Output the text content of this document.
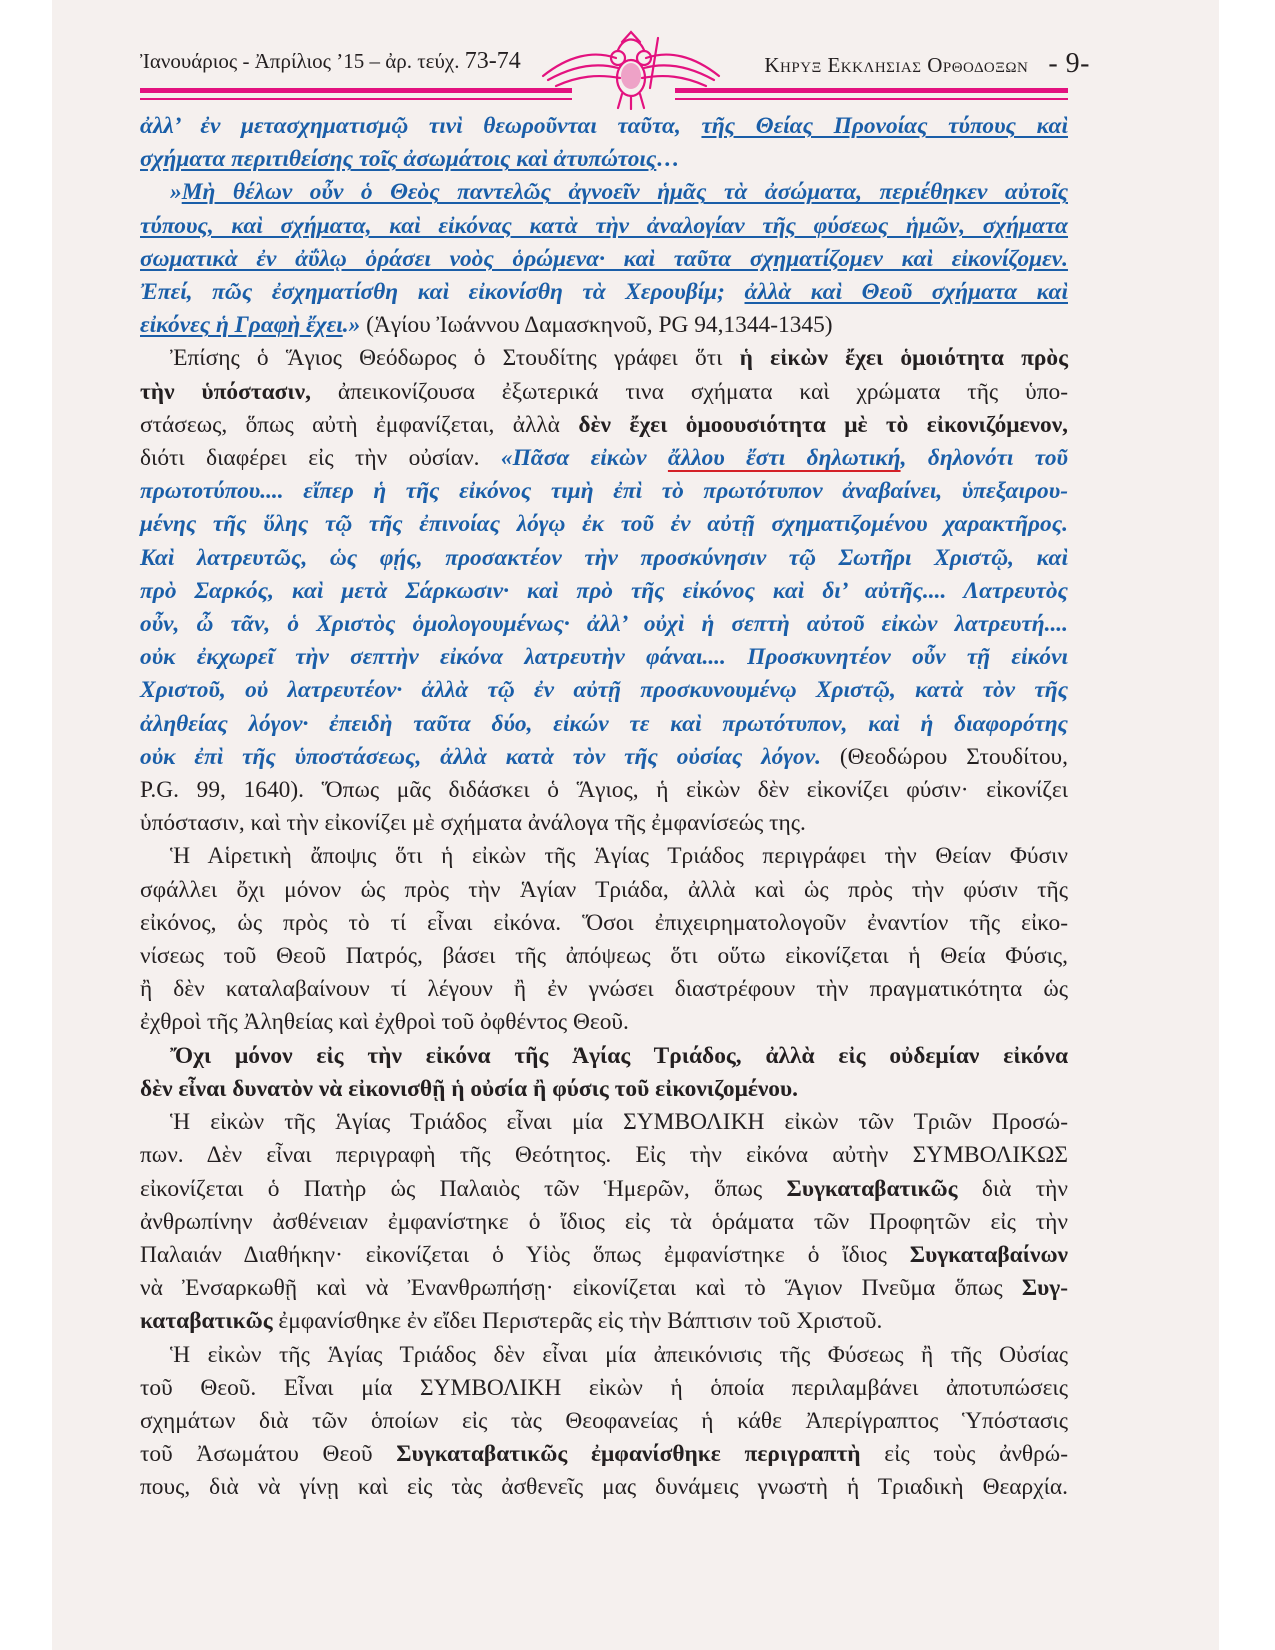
Ἰανουάριος - Ἀπρίλιος ’15 – ἀρ. τεύχ. 73-74	Κηρυξ Εκκλησιας Ορθοδοξων - 9-
ἀλλ’ ἐν μετασχηματισμῷ τινὶ θεωροῦνται ταῦτα, τῆς Θείας Προνοίας τύπους καὶ
σχήματα περιτιθείσης τοῖς ἀσωμάτοις καὶ ἀτυπώτοις…
»Μὴ θέλων οὖν ὁ Θεὸς παντελῶς ἀγνοεῖν ἡμᾶς τὰ ἀσώματα, περιέθηκεν αὐτοῖς
τύπους, καὶ σχήματα, καὶ εἰκόνας κατὰ τὴν ἀναλογίαν τῆς φύσεως ἡμῶν, σχήματα
σωματικὰ ἐν ἀΰλῳ ὁράσει νοὸς ὁρώμενα· καὶ ταῦτα σχηματίζομεν καὶ εἰκονίζομεν.
Ἐπεί, πῶς ἐσχηματίσθη καὶ εἰκονίσθη τὰ Χερουβίμ; ἀλλὰ καὶ Θεοῦ σχήματα καὶ
εἰκόνες ἡ Γραφὴ ἔχει.» (Ἁγίου Ἰωάννου Δαμασκηνοῦ, PG 94,1344-1345)
Ἐπίσης ὁ Ἅγιος Θεόδωρος ὁ Στουδίτης γράφει ὅτι ἡ εἰκὼν ἔχει ὁμοιότητα πρὸς
τὴν ὑπόστασιν, ἀπεικονίζουσα ἐξωτερικά τινα σχήματα καὶ χρώματα τῆς ὑπο-
στάσεως, ὅπως αὐτὴ ἐμφανίζεται, ἀλλὰ δὲν ἔχει ὁμοουσιότητα μὲ τὸ εἰκονιζόμενον,
διότι διαφέρει εἰς τὴν οὐσίαν. «Πᾶσα εἰκὼν ἄλλου ἔστι δηλωτική, δηλονότι τοῦ
πρωτοτύπου.... εἴπερ ἡ τῆς εἰκόνος τιμὴ ἐπὶ τὸ πρωτότυπον ἀναβαίνει, ὑπεξαιρου-
μένης τῆς ὕλης τῷ τῆς ἐπινοίας λόγῳ ἐκ τοῦ ἐν αὐτῇ σχηματιζομένου χαρακτῆρος.
Καὶ λατρευτῶς, ὡς φῄς, προσακτέον τὴν προσκύνησιν τῷ Σωτῆρι Χριστῷ, καὶ
πρὸ Σαρκός, καὶ μετὰ Σάρκωσιν· καὶ πρὸ τῆς εἰκόνος καὶ δι’ αὐτῆς.... Λατρευτὸς
οὖν, ὦ τᾶν, ὁ Χριστὸς ὁμολογουμένως· ἀλλ’ οὐχὶ ἡ σεπτὴ αὐτοῦ εἰκὼν λατρευτή....
οὐκ ἐκχωρεῖ τὴν σεπτὴν εἰκόνα λατρευτὴν φάναι.... Προσκυνητέον οὖν τῇ εἰκόνι
Χριστοῦ, οὐ λατρευτέον· ἀλλὰ τῷ ἐν αὐτῇ προσκυνουμένῳ Χριστῷ, κατὰ τὸν τῆς
ἀληθείας λόγον· ἐπειδὴ ταῦτα δύο, εἰκών τε καὶ πρωτότυπον, καὶ ἡ διαφορότης
οὐκ ἐπὶ τῆς ὑποστάσεως, ἀλλὰ κατὰ τὸν τῆς οὐσίας λόγον. (Θεοδώρου Στουδίτου,
P.G. 99, 1640). Ὅπως μᾶς διδάσκει ὁ Ἅγιος, ἡ εἰκὼν δὲν εἰκονίζει φύσιν· εἰκονίζει
ὑπόστασιν, καὶ τὴν εἰκονίζει μὲ σχήματα ἀνάλογα τῆς ἐμφανίσεώς της.
Ἡ Αἱρετικὴ ἄποψις ὅτι ἡ εἰκὼν τῆς Ἁγίας Τριάδος περιγράφει τὴν Θείαν Φύσιν
σφάλλει ὄχι μόνον ὡς πρὸς τὴν Ἁγίαν Τριάδα, ἀλλὰ καὶ ὡς πρὸς τὴν φύσιν τῆς
εἰκόνος, ὡς πρὸς τὸ τί εἶναι εἰκόνα. Ὅσοι ἐπιχειρηματολογοῦν ἐναντίον τῆς εἰκο-
νίσεως τοῦ Θεοῦ Πατρός, βάσει τῆς ἀπόψεως ὅτι οὕτω εἰκονίζεται ἡ Θεία Φύσις,
ἢ δὲν καταλαβαίνουν τί λέγουν ἢ ἐν γνώσει διαστρέφουν τὴν πραγματικότητα ὡς
ἐχθροὶ τῆς Ἀληθείας καὶ ἐχθροὶ τοῦ ὀφθέντος Θεοῦ.
Ὄχι μόνον εἰς τὴν εἰκόνα τῆς Ἁγίας Τριάδος, ἀλλὰ εἰς οὐδεμίαν εἰκόνα
δὲν εἶναι δυνατὸν νὰ εἰκονισθῇ ἡ οὐσία ἢ φύσις τοῦ εἰκονιζομένου.
Ἡ εἰκὼν τῆς Ἁγίας Τριάδος εἶναι μία ΣΥΜΒΟΛΙΚΗ εἰκὼν τῶν Τριῶν Προσώ-
πων. Δὲν εἶναι περιγραφὴ τῆς Θεότητος. Εἰς τὴν εἰκόνα αὐτὴν ΣΥΜΒΟΛΙΚΩΣ
εἰκονίζεται ὁ Πατὴρ ὡς Παλαιὸς τῶν Ἡμερῶν, ὅπως Συγκαταβατικῶς διὰ τὴν
ἀνθρωπίνην ἀσθένειαν ἐμφανίστηκε ὁ ἴδιος εἰς τὰ ὁράματα τῶν Προφητῶν εἰς τὴν
Παλαιάν Διαθήκην· εἰκονίζεται ὁ Υἱὸς ὅπως ἐμφανίστηκε ὁ ἴδιος Συγκαταβαίνων
νὰ Ἐνσαρκωθῇ καὶ νὰ Ἐνανθρωπήσῃ· εἰκονίζεται καὶ τὸ Ἅγιον Πνεῦμα ὅπως Συγ-
καταβατικῶς ἐμφανίσθηκε ἐν εἴδει Περιστερᾶς εἰς τὴν Βάπτισιν τοῦ Χριστοῦ.
Ἡ εἰκὼν τῆς Ἁγίας Τριάδος δὲν εἶναι μία ἀπεικόνισις τῆς Φύσεως ἢ τῆς Οὐσίας
τοῦ Θεοῦ. Εἶναι μία ΣΥΜΒΟΛΙΚΗ εἰκὼν ἡ ὁποία περιλαμβάνει ἀποτυπώσεις
σχημάτων διὰ τῶν ὁποίων εἰς τὰς Θεοφανείας ἡ κάθε Ἀπερίγραπτος Ὑπόστασις
τοῦ Ἀσωμάτου Θεοῦ Συγκαταβατικῶς ἐμφανίσθηκε περιγραπτὴ εἰς τοὺς ἀνθρώ-
πους, διὰ νὰ γίνῃ καὶ εἰς τὰς ἀσθενεῖς μας δυνάμεις γνωστὴ ἡ Τριαδικὴ Θεαρχία.
